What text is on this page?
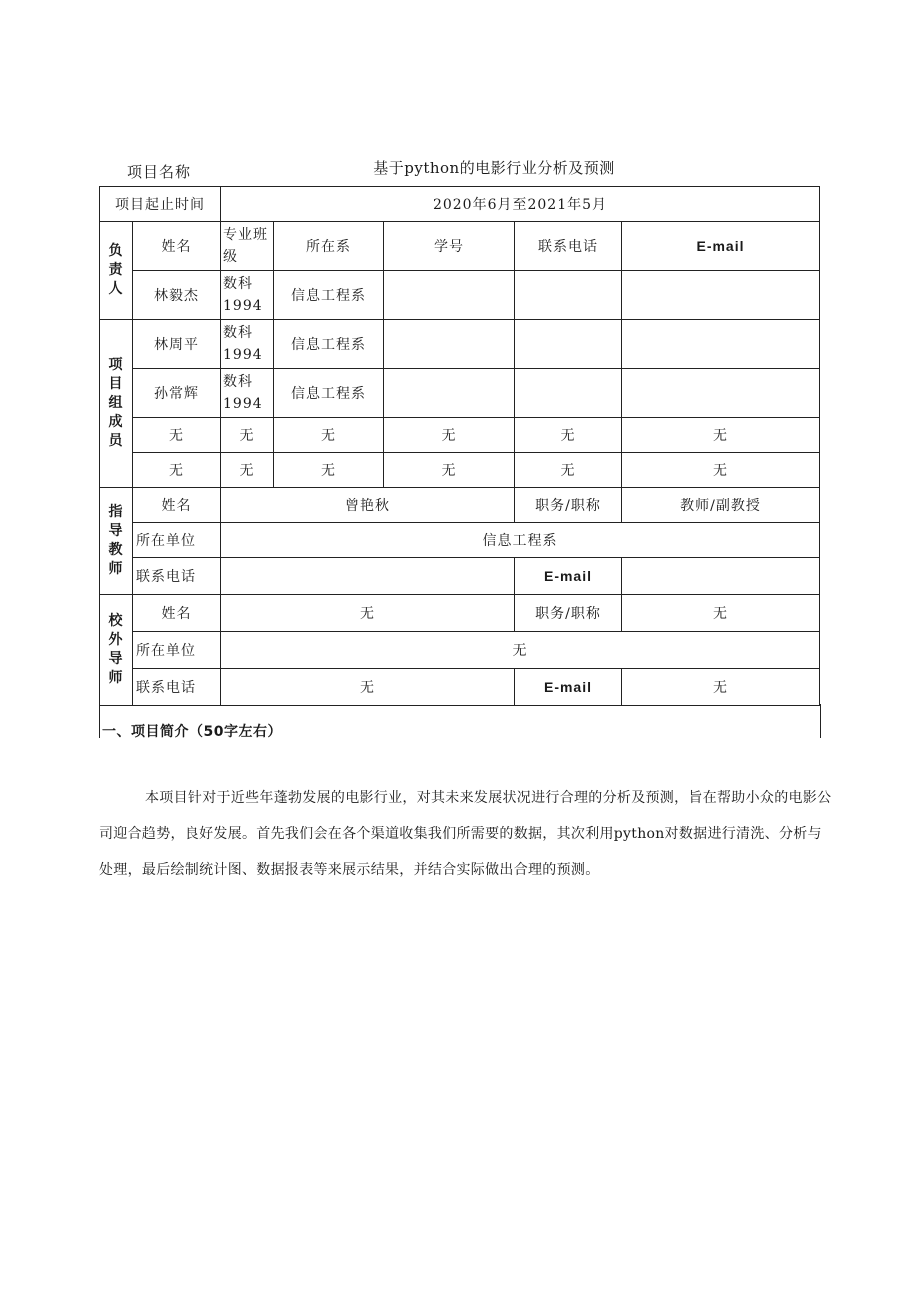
项目名称	基于python的电影行业分析及预测
项目起止时间		2020年6月至2021年5月				

负
责
人	姓名	专业班级	所在系	学号	联系电话	E-mail
	林毅杰	数科1994	信息工程系			

项
目
组
成
员	林周平	数科1994	信息工程系			
	孙常辉	数科1994	信息工程系			
	无	无	无	无	无	无
	无	无	无	无	无	无

指
导
教
师	姓名	曾艳秋			职务/职称	教师/副教授
	所在单位	信息工程系				
	联系电话				E-mail	

校
外
导
师	姓名	无			职务/职称	无
	所在单位	无				
	联系电话	无			E-mail	无
一、项目简介（50字左右）

本项目针对于近些年蓬勃发展的电影行业，对其未来发展状况进行合理的分析及预测，旨在帮助小众的电影公司迎合趋势，良好发展。首先我们会在各个渠道收集我们所需要的数据，其次利用python对数据进行清洗、分析与处理，最后绘制统计图、数据报表等来展示结果，并结合实际做出合理的预测。
